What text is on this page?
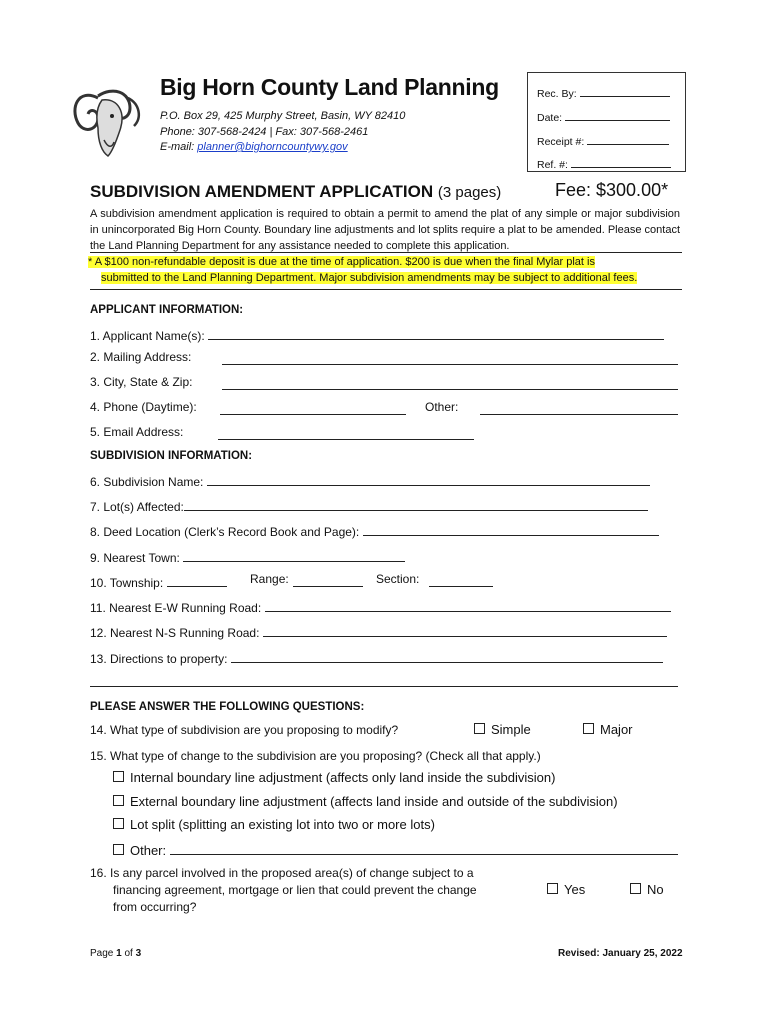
Big Horn County Land Planning
P.O. Box 29, 425 Murphy Street, Basin, WY 82410
Phone: 307-568-2424 | Fax: 307-568-2461
E-mail: planner@bighorncountywy.gov
Rec. By:
Date:
Receipt #:
Ref. #:
SUBDIVISION AMENDMENT APPLICATION (3 pages)	Fee: $300.00*
A subdivision amendment application is required to obtain a permit to amend the plat of any simple or major subdivision in unincorporated Big Horn County. Boundary line adjustments and lot splits require a plat to be amended. Please contact the Land Planning Department for any assistance needed to complete this application.

* A $100 non-refundable deposit is due at the time of application. $200 is due when the final Mylar plat is

submitted to the Land Planning Department. Major subdivision amendments may be subject to additional fees.

APPLICANT INFORMATION:
1. Applicant Name(s):
2. Mailing Address:
3. City, State & Zip:
4. Phone (Daytime):	Other:
5. Email Address:
SUBDIVISION INFORMATION:
6. Subdivision Name:
7. Lot(s) Affected:
8. Deed Location (Clerk’s Record Book and Page):
9. Nearest Town:
10. Township:	Range:	Section:
11. Nearest E-W Running Road:
12. Nearest N-S Running Road:
13. Directions to property:
PLEASE ANSWER THE FOLLOWING QUESTIONS:
14. What type of subdivision are you proposing to modify?	Simple	Major
15. What type of change to the subdivision are you proposing? (Check all that apply.)
Internal boundary line adjustment (affects only land inside the subdivision)
External boundary line adjustment (affects land inside and outside of the subdivision)
Lot split (splitting an existing lot into two or more lots)
Other:
16. Is any parcel involved in the proposed area(s) of change subject to a
financing agreement, mortgage or lien that could prevent the change
from occurring?
Yes	No
Page 1 of 3	Revised: January 25, 2022
